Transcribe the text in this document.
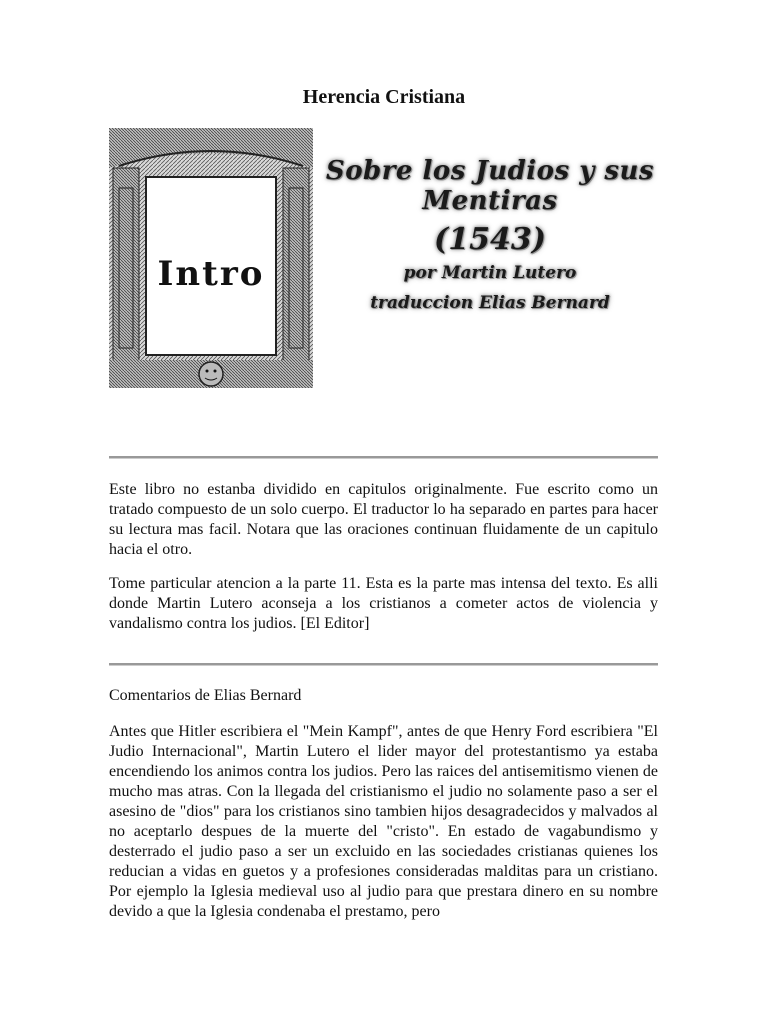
Herencia Cristiana
Intro
Sobre los Judios y sus Mentiras
(1543)
por Martin Lutero
traduccion Elias Bernard

Este libro no estanba dividido en capitulos originalmente. Fue escrito como un tratado compuesto de un solo cuerpo. El traductor lo ha separado en partes para hacer su lectura mas facil. Notara que las oraciones continuan fluidamente de un capitulo hacia el otro.

Tome particular atencion a la parte 11. Esta es la parte mas intensa del texto. Es alli donde Martin Lutero aconseja a los cristianos a cometer actos de violencia y vandalismo contra los judios. [El Editor]

Comentarios de Elias Bernard

Antes que Hitler escribiera el "Mein Kampf", antes de que Henry Ford escribiera "El Judio Internacional", Martin Lutero el lider mayor del protestantismo ya estaba encendiendo los animos contra los judios. Pero las raices del antisemitismo vienen de mucho mas atras. Con la llegada del cristianismo el judio no solamente paso a ser el asesino de "dios" para los cristianos sino tambien hijos desagradecidos y malvados al no aceptarlo despues de la muerte del "cristo". En estado de vagabundismo y desterrado el judio paso a ser un excluido en las sociedades cristianas quienes los reducian a vidas en guetos y a profesiones consideradas malditas para un cristiano. Por ejemplo la Iglesia medieval uso al judio para que prestara dinero en su nombre devido a que la Iglesia condenaba el prestamo, pero
